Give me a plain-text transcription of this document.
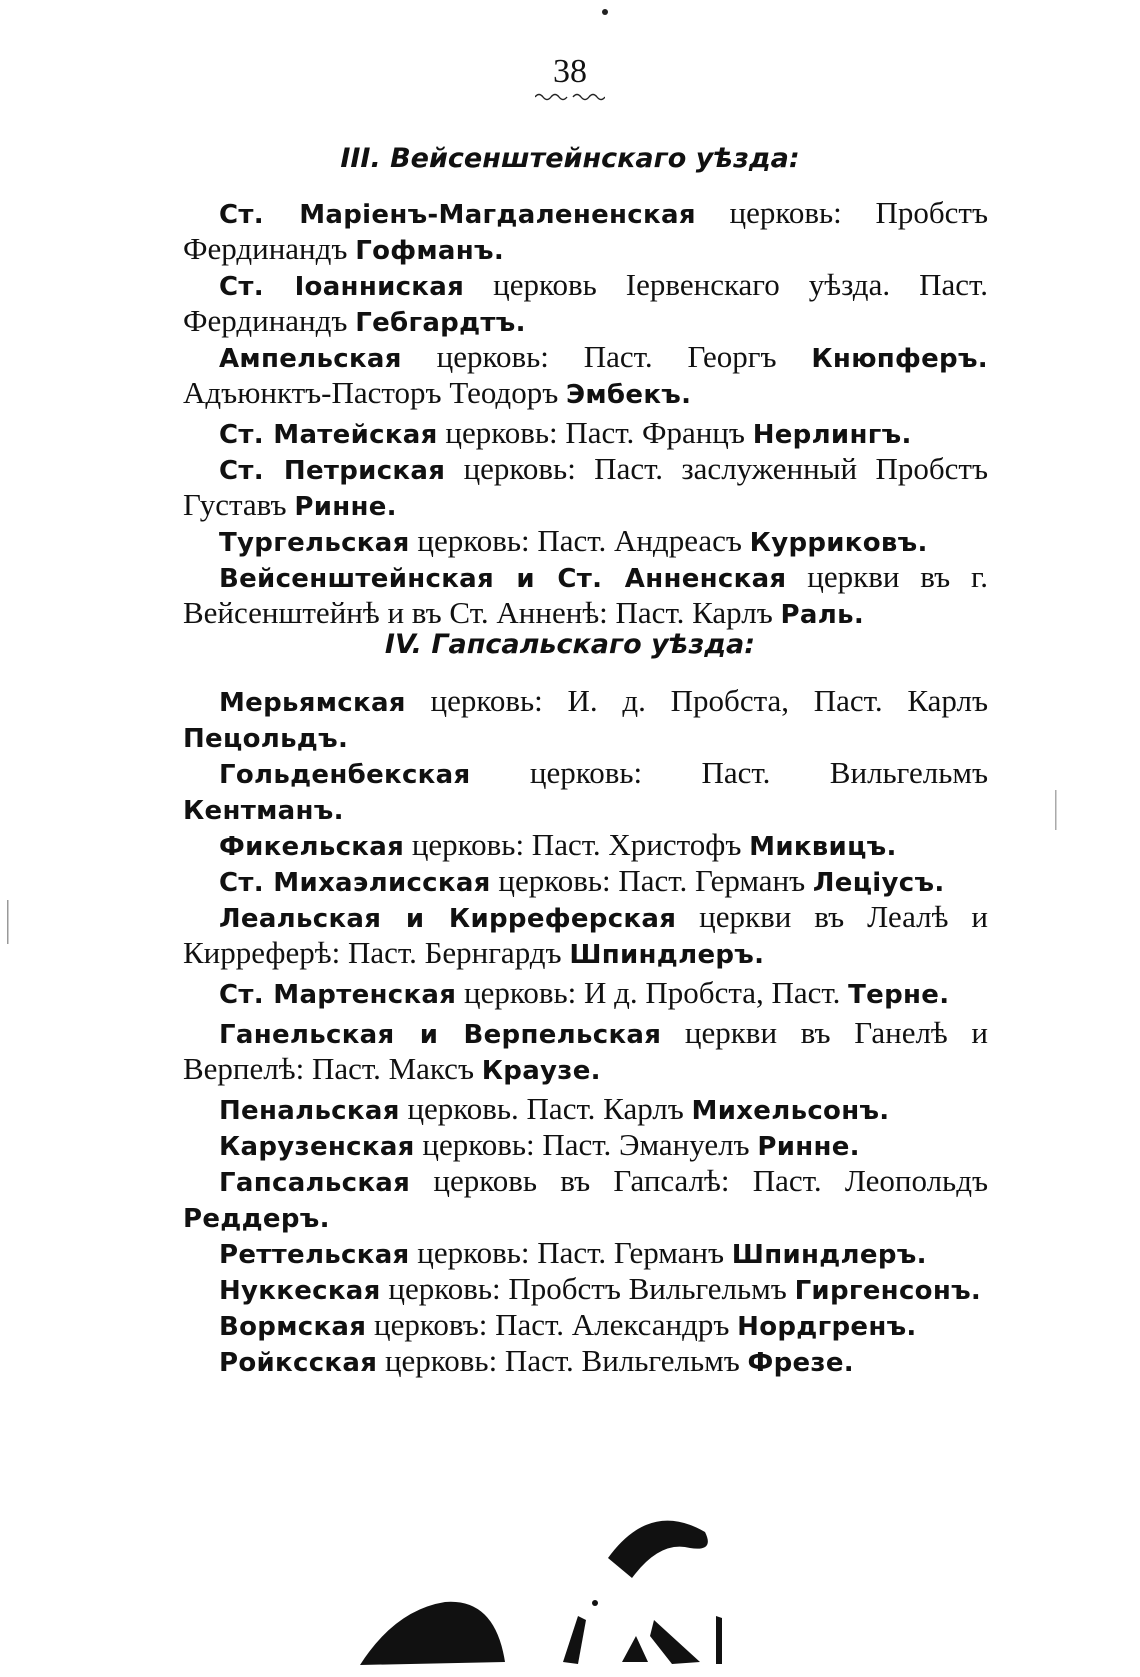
38
III. Вейсенштейнскаго уѣзда:

Ст. Маріенъ-Магдалененская церковь: Пробстъ Фердинандъ Гофманъ.

Ст. Іоанниская церковь Іервенскаго уѣзда. Паст. Фердинандъ Гебгардтъ.

Ампельская церковь: Паст. Георгъ Кнюпферъ. Адъюнктъ-Пасторъ Теодоръ Эмбекъ.

Ст. Матейская церковь: Паст. Францъ Нерлингъ.

Ст. Петриская церковь: Паст. заслуженный Пробстъ Густавъ Ринне.

Тургельская церковь: Паст. Андреасъ Курриковъ.

Вейсенштейнская и Ст. Анненская церкви въ г. Вейсенштейнѣ и въ Ст. Анненѣ: Паст. Карлъ Раль.

IV. Гапсальскаго уѣзда:

Мерьямская церковь: И. д. Пробста, Паст. Карлъ Пецольдъ.

Гольденбекская церковь: Паст. Вильгельмъ Кентманъ.

Фикельская церковь: Паст. Христофъ Миквицъ.

Ст. Михаэлисская церковь: Паст. Германъ Лецiусъ.

Леальская и Кирреферская церкви въ Леалѣ и Кирреферѣ: Паст. Бернгардъ Шпиндлеръ.

Ст. Мартенская церковь: И д. Пробста, Паст. Терне.

Ганельская и Верпельская церкви въ Ганелѣ и Верпелѣ: Паст. Максъ Краузе.

Пенальская церковь. Паст. Карлъ Михельсонъ.

Карузенская церковь: Паст. Эмануелъ Ринне.

Гапсальская церковь въ Гапсалѣ: Паст. Леопольдъ Реддеръ.

Реттельская церковь: Паст. Германъ Шпиндлеръ.

Нуккеская церковь: Пробстъ Вильгельмъ Гиргенсонъ.

Вормская церковъ: Паст. Александръ Нордгренъ.

Ройксская церковь: Паст. Вильгельмъ Фрезе.
